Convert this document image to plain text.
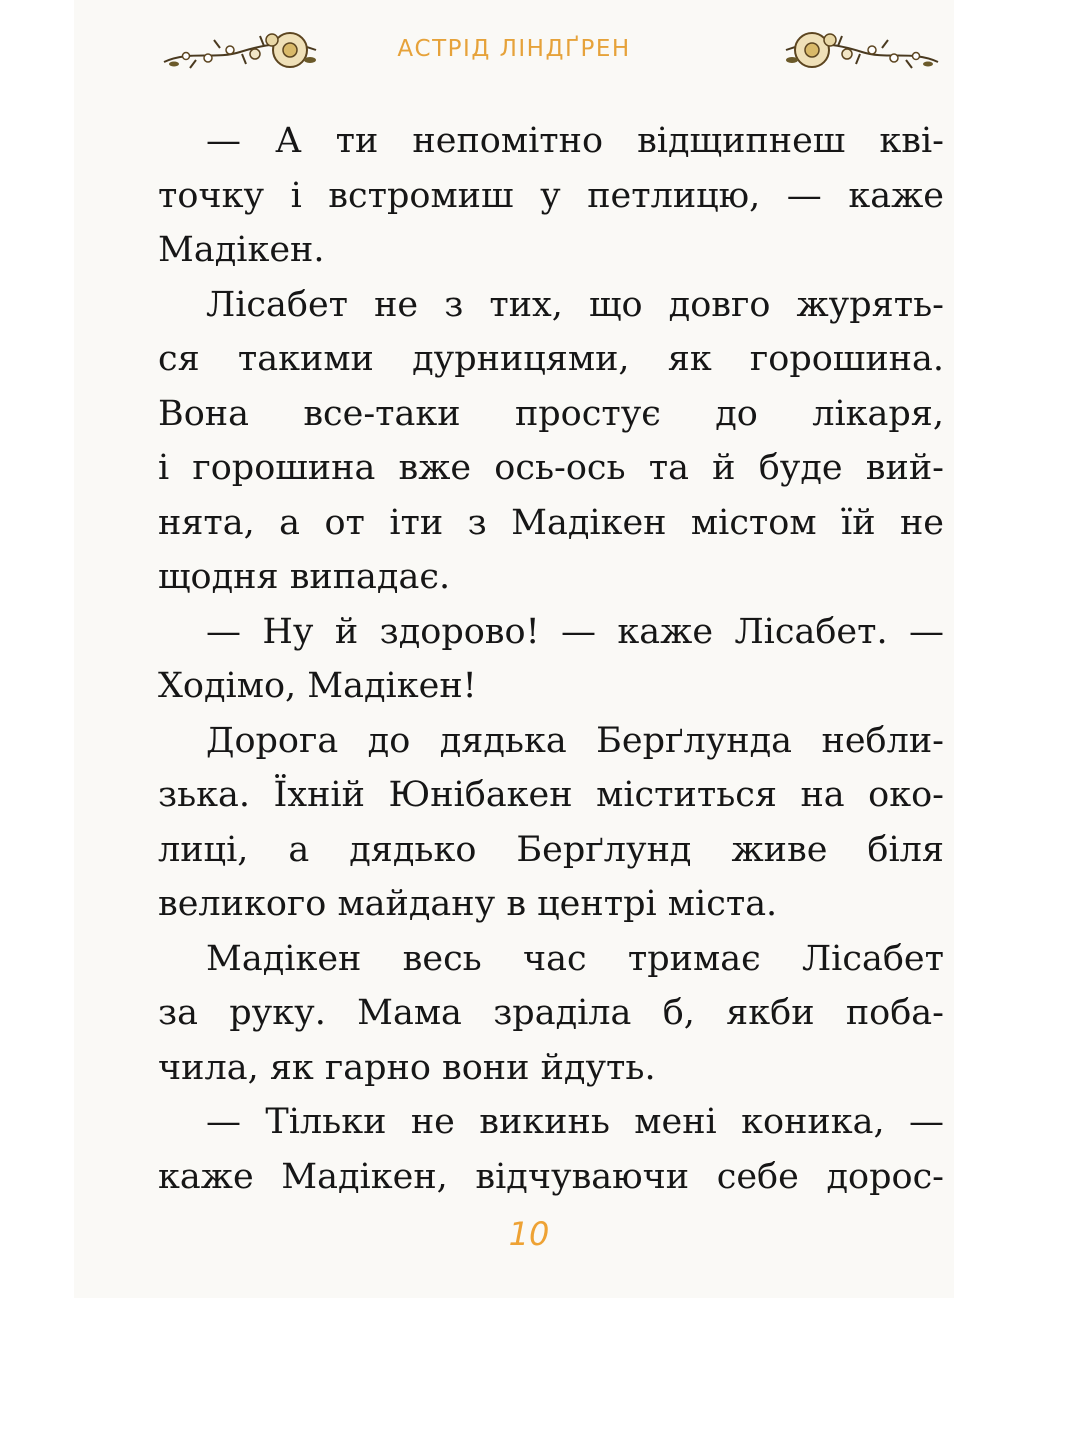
АСТРІД ЛІНДҐРЕН
— А ти непомітно відщипнеш кві-
точку і встромиш у петлицю, — каже
Мадікен.
Лісабет не з тих, що довго журять-
ся такими дурницями, як горошина.
Вона все-таки простує до лікаря,
і горошина вже ось-ось та й буде вий-
нята, а от іти з Мадікен містом їй не
щодня випадає.
— Ну й здорово! — каже Лісабет. —
Ходімо, Мадікен!
Дорога до дядька Берґлунда небли-
зька. Їхній Юнібакен міститься на око-
лиці, а дядько Берґлунд живе біля
великого майдану в центрі міста.
Мадікен весь час тримає Лісабет
за руку. Мама зраділа б, якби поба-
чила, як гарно вони йдуть.
— Тільки не викинь мені коника, —
каже Мадікен, відчуваючи себе дорос-
10
